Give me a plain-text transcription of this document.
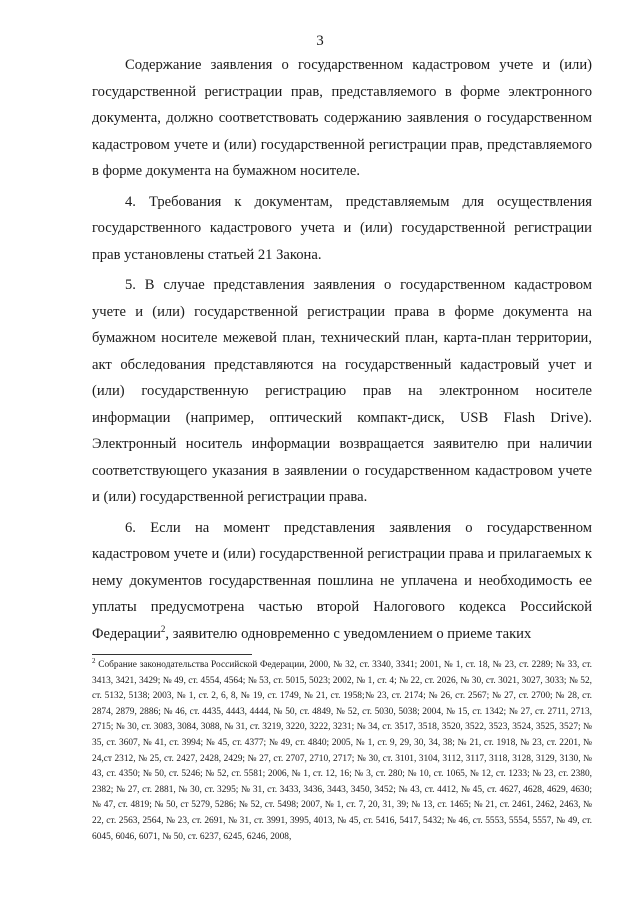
3

Содержание заявления о государственном кадастровом учете и (или) государственной регистрации прав, представляемого в форме электронного документа, должно соответствовать содержанию заявления о государственном кадастровом учете и (или) государственной регистрации прав, представляемого в форме документа на бумажном носителе.

4. Требования к документам, представляемым для осуществления государственного кадастрового учета и (или) государственной регистрации прав установлены статьей 21 Закона.

5. В случае представления заявления о государственном кадастровом учете и (или) государственной регистрации права в форме документа на бумажном носителе межевой план, технический план, карта-план территории, акт обследования представляются на государственный кадастровый учет и (или) государственную регистрацию прав на электронном носителе информации (например, оптический компакт-диск, USB Flash Drive). Электронный носитель информации возвращается заявителю при наличии соответствующего указания в заявлении о государственном кадастровом учете и (или) государственной регистрации права.

6. Если на момент представления заявления о государственном кадастровом учете и (или) государственной регистрации права и прилагаемых к нему документов государственная пошлина не уплачена и необходимость ее уплаты предусмотрена частью второй Налогового кодекса Российской Федерации$^2$, заявителю одновременно с уведомлением о приеме таких

$^2$ Собрание законодательства Российской Федерации, 2000, № 32, ст. 3340, 3341; 2001, № 1, ст. 18, № 23, ст. 2289; № 33, ст. 3413, 3421, 3429; № 49, ст. 4554, 4564; № 53, ст. 5015, 5023; 2002, № 1, ст. 4; № 22, ст. 2026, № 30, ст. 3021, 3027, 3033; № 52, ст. 5132, 5138; 2003, № 1, ст. 2, 6, 8, № 19, ст. 1749, № 21, ст. 1958;№ 23, ст. 2174; № 26, ст. 2567; № 27, ст. 2700; № 28, ст. 2874, 2879, 2886; № 46, ст. 4435, 4443, 4444, № 50, ст. 4849, № 52, ст. 5030, 5038; 2004, № 15, ст. 1342; № 27, ст. 2711, 2713, 2715; № 30, ст. 3083, 3084, 3088, № 31, ст. 3219, 3220, 3222, 3231; № 34, ст. 3517, 3518, 3520, 3522, 3523, 3524, 3525, 3527; № 35, ст. 3607, № 41, ст. 3994; № 45, ст. 4377; № 49, ст. 4840; 2005, № 1, ст. 9, 29, 30, 34, 38; № 21, ст. 1918, № 23, ст. 2201, № 24,ст 2312, № 25, ст. 2427, 2428, 2429; № 27, ст. 2707, 2710, 2717; № 30, ст. 3101, 3104, 3112, 3117, 3118, 3128, 3129, 3130, № 43, ст. 4350; № 50, ст. 5246; № 52, ст. 5581; 2006, № 1, ст. 12, 16; № 3, ст. 280; № 10, ст. 1065, № 12, ст. 1233; № 23, ст. 2380, 2382; № 27, ст. 2881, № 30, ст. 3295; № 31, ст. 3433, 3436, 3443, 3450, 3452; № 43, ст. 4412, № 45, ст. 4627, 4628, 4629, 4630; № 47, ст. 4819; № 50, ст 5279, 5286; № 52, ст. 5498; 2007, № 1, ст. 7, 20, 31, 39; № 13, ст. 1465; № 21, ст. 2461, 2462, 2463, № 22, ст. 2563, 2564, № 23, ст. 2691, № 31, ст. 3991, 3995, 4013, № 45, ст. 5416, 5417, 5432; № 46, ст. 5553, 5554, 5557, № 49, ст. 6045, 6046, 6071, № 50, ст. 6237, 6245, 6246, 2008,
